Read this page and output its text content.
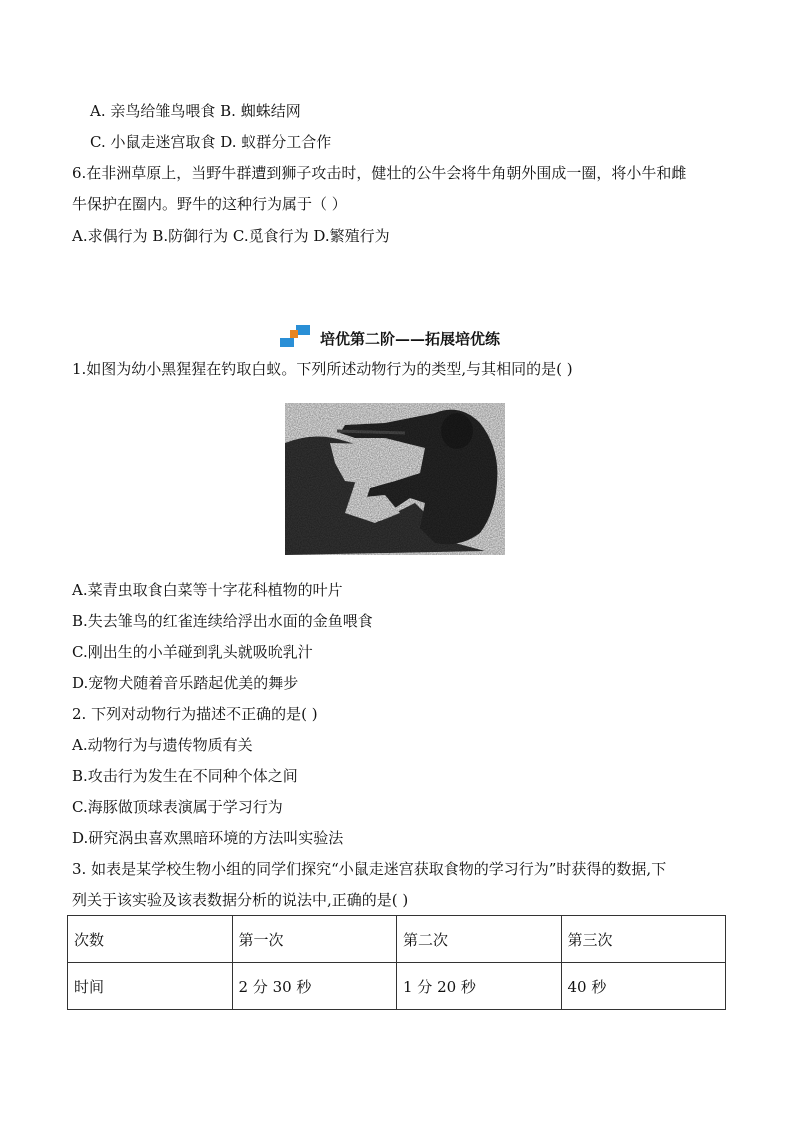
A. 亲鸟给雏鸟喂食 B. 蜘蛛结网
C. 小鼠走迷宫取食 D. 蚁群分工合作
6.在非洲草原上，当野牛群遭到狮子攻击时，健壮的公牛会将牛角朝外围成一圈，将小牛和雌
牛保护在圈内。野牛的这种行为属于（ ）
A.求偶行为 B.防御行为 C.觅食行为 D.繁殖行为
培优第二阶——拓展培优练
1.如图为幼小黑猩猩在钓取白蚁。下列所述动物行为的类型,与其相同的是( )
A.菜青虫取食白菜等十字花科植物的叶片
B.失去雏鸟的红雀连续给浮出水面的金鱼喂食
C.刚出生的小羊碰到乳头就吸吮乳汁
D.宠物犬随着音乐踏起优美的舞步
2. 下列对动物行为描述不正确的是( )
A.动物行为与遗传物质有关
B.攻击行为发生在不同种个体之间
C.海豚做顶球表演属于学习行为
D.研究涡虫喜欢黑暗环境的方法叫实验法
3. 如表是某学校生物小组的同学们探究“小鼠走迷宫获取食物的学习行为”时获得的数据,下
列关于该实验及该表数据分析的说法中,正确的是( )
次数	第一次	第二次	第三次
时间	2 分 30 秒	1 分 20 秒	40 秒
